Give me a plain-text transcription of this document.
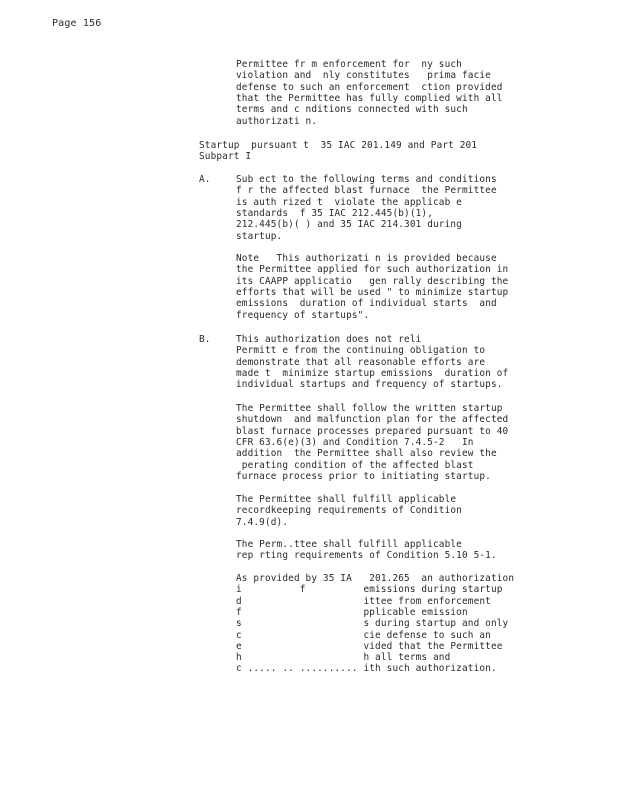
Page 156
Permittee fr m enforcement for  ny such
violation and  nly constitutes   prima facie
defense to such an enforcement  ction provided
that the Permittee has fully complied with all
terms and c nditions connected with such
authorizati n.
Startup  pursuant t  35 IAC 201.149 and Part 201
Subpart I
A.	Sub ect to the following terms and conditions
f r the affected blast furnace  the Permittee
is auth rized t  violate the applicab e
standards  f 35 IAC 212.445(b)(1),
212.445(b)( ) and 35 IAC 214.301 during
startup.
Note   This authorizati n is provided because
the Permittee applied for such authorization in
its CAAPP applicatio   gen rally describing the
efforts that will be used " to minimize startup
emissions  duration of individual starts  and
frequency of startups".
B.	This authorization does not reli
Permitt e from the continuing obligation to
demonstrate that all reasonable efforts are
made t  minimize startup emissions  duration of
individual startups and frequency of startups.
The Permittee shall follow the written startup
shutdown  and malfunction plan for the affected
blast furnace processes prepared pursuant to 40
CFR 63.6(e)(3) and Condition 7.4.5-2   In
addition  the Permittee shall also review the
perating condition of the affected blast
furnace process prior to initiating startup.
The Permittee shall fulfill applicable
recordkeeping requirements of Condition
7.4.9(d).
The Perm..ttee shall fulfill applicable
rep rting requirements of Condition 5.10 5-1.
As provided by 35 IA   201.265  an authorization
i          f          emissions during startup
d                     ittee from enforcement
f                     pplicable emission
s                     s during startup and only
c                     cie defense to such an
e                     vided that the Permittee
h                     h all terms and
c ..... .. .......... ith such authorization.
